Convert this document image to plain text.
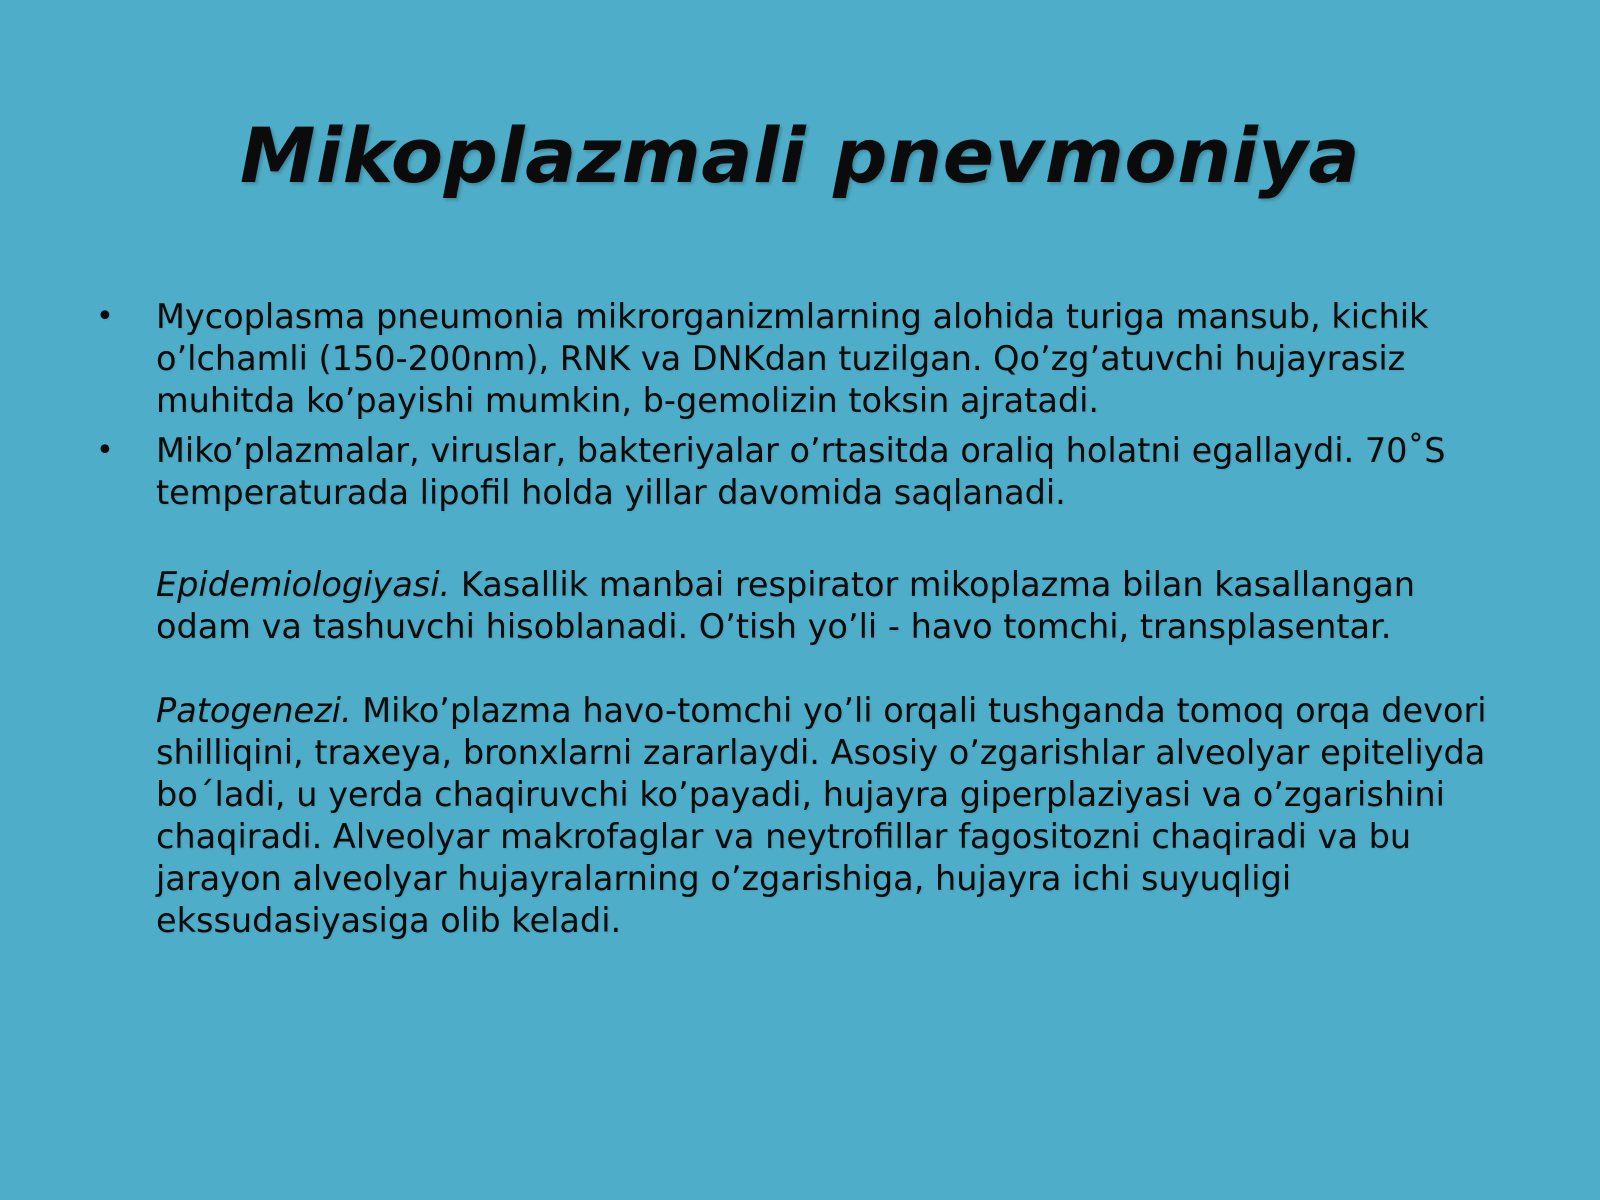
Mikoplazmali pnevmoniya

• Mycoplasma pneumonia mikrorganizmlarning alohida turiga mansub, kichik o’lchamli (150-200nm), RNK va DNKdan tuzilgan. Qo’zg’atuvchi hujayrasiz muhitda ko’payishi mumkin, b-gemolizin toksin ajratadi.

• Miko’plazmalar, viruslar, bakteriyalar o’rtasitda oraliq holatni egallaydi. 70˚S temperaturada lipofil holda yillar davomida saqlanadi.

Epidemiologiyasi. Kasallik manbai respirator mikoplazma bilan kasallangan odam va tashuvchi hisoblanadi. O’tish yo’li - havo tomchi, transplasentar.

Patogenezi. Miko’plazma havo-tomchi yo’li orqali tushganda tomoq orqa devori shilliqini, traxeya, bronxlarni zararlaydi. Asosiy o’zgarishlar alveolyar epiteliyda bo´ladi, u yerda chaqiruvchi ko’payadi, hujayra giperplaziyasi va o’zgarishini chaqiradi. Alveolyar makrofaglar va neytrofillar fagositozni chaqiradi va bu jarayon alveolyar hujayralarning o’zgarishiga, hujayra ichi suyuqligi ekssudasiyasiga olib keladi.
